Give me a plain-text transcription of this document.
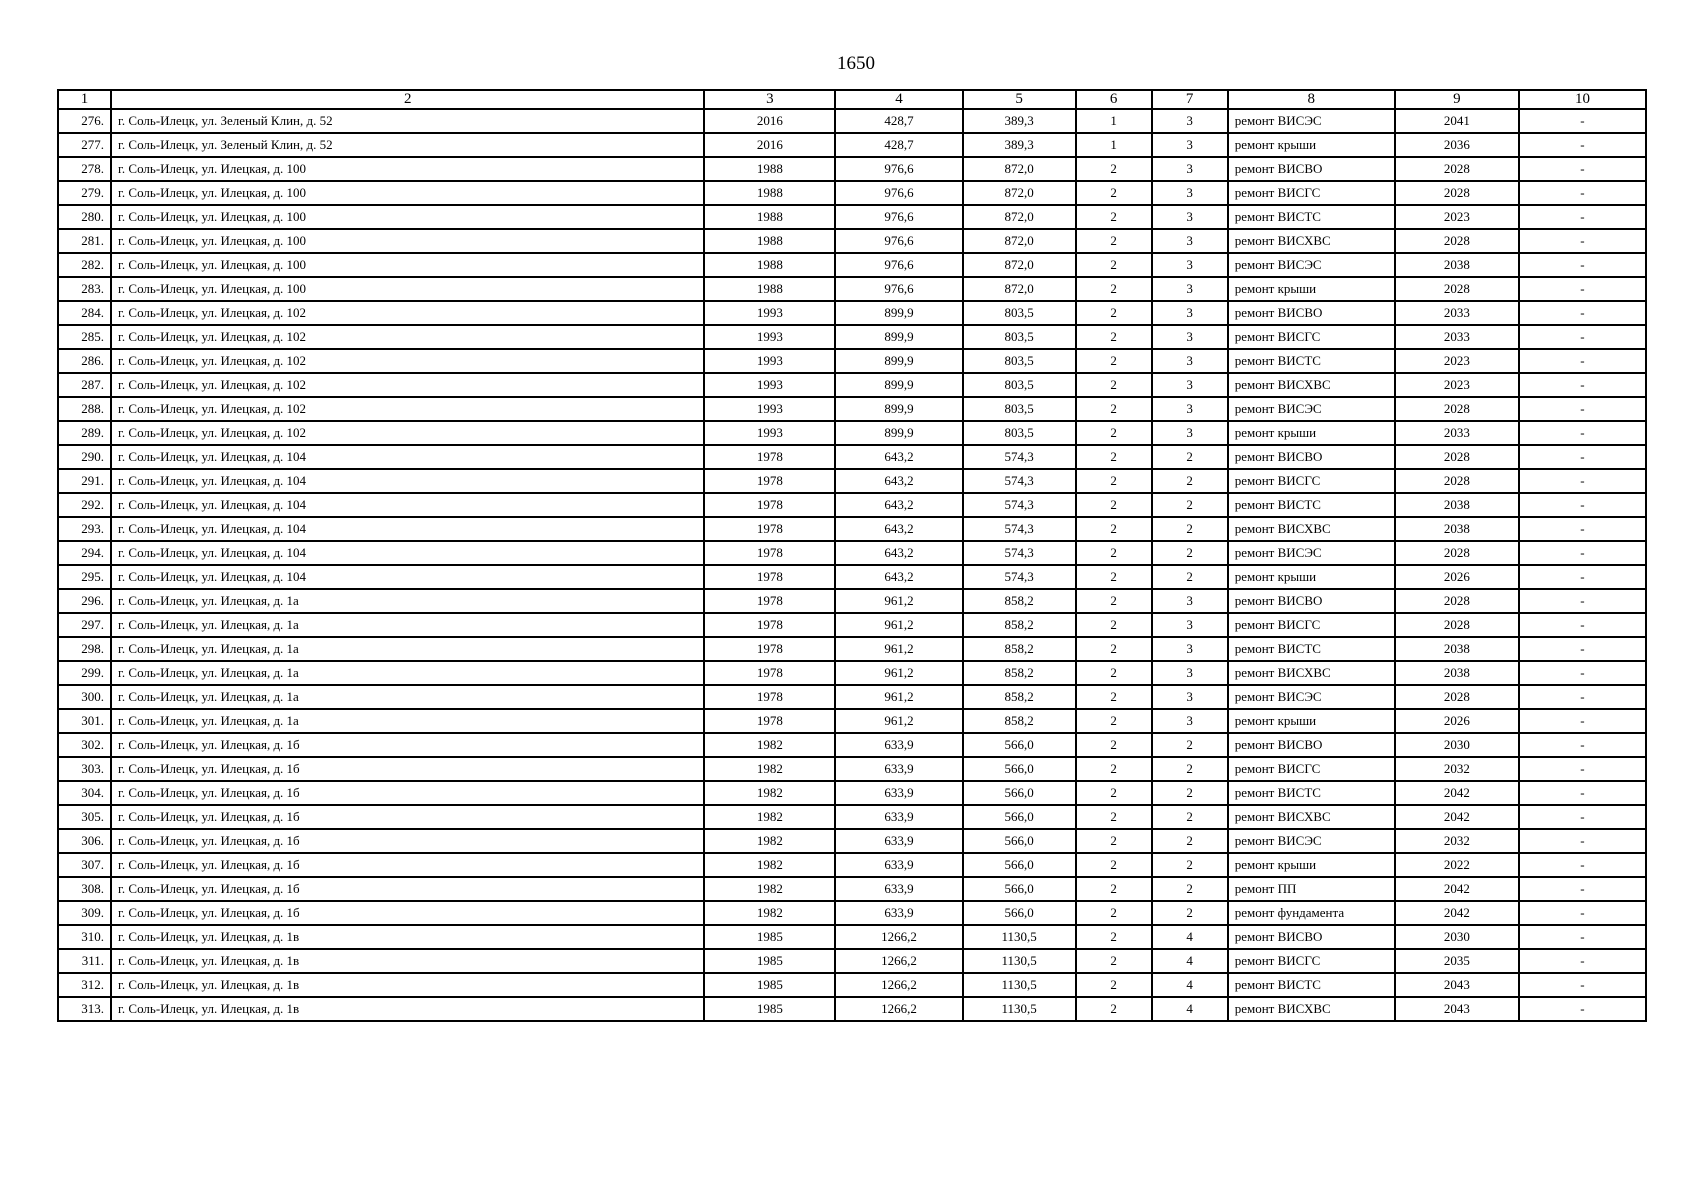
1650
1	2	3	4	5	6	7	8	9	10
276.	г. Соль-Илецк, ул. Зеленый Клин, д. 52	2016	428,7	389,3	1	3	ремонт ВИСЭС	2041	-
277.	г. Соль-Илецк, ул. Зеленый Клин, д. 52	2016	428,7	389,3	1	3	ремонт крыши	2036	-
278.	г. Соль-Илецк, ул. Илецкая, д. 100	1988	976,6	872,0	2	3	ремонт ВИСВО	2028	-
279.	г. Соль-Илецк, ул. Илецкая, д. 100	1988	976,6	872,0	2	3	ремонт ВИСГС	2028	-
280.	г. Соль-Илецк, ул. Илецкая, д. 100	1988	976,6	872,0	2	3	ремонт ВИСТС	2023	-
281.	г. Соль-Илецк, ул. Илецкая, д. 100	1988	976,6	872,0	2	3	ремонт ВИСХВС	2028	-
282.	г. Соль-Илецк, ул. Илецкая, д. 100	1988	976,6	872,0	2	3	ремонт ВИСЭС	2038	-
283.	г. Соль-Илецк, ул. Илецкая, д. 100	1988	976,6	872,0	2	3	ремонт крыши	2028	-
284.	г. Соль-Илецк, ул. Илецкая, д. 102	1993	899,9	803,5	2	3	ремонт ВИСВО	2033	-
285.	г. Соль-Илецк, ул. Илецкая, д. 102	1993	899,9	803,5	2	3	ремонт ВИСГС	2033	-
286.	г. Соль-Илецк, ул. Илецкая, д. 102	1993	899,9	803,5	2	3	ремонт ВИСТС	2023	-
287.	г. Соль-Илецк, ул. Илецкая, д. 102	1993	899,9	803,5	2	3	ремонт ВИСХВС	2023	-
288.	г. Соль-Илецк, ул. Илецкая, д. 102	1993	899,9	803,5	2	3	ремонт ВИСЭС	2028	-
289.	г. Соль-Илецк, ул. Илецкая, д. 102	1993	899,9	803,5	2	3	ремонт крыши	2033	-
290.	г. Соль-Илецк, ул. Илецкая, д. 104	1978	643,2	574,3	2	2	ремонт ВИСВО	2028	-
291.	г. Соль-Илецк, ул. Илецкая, д. 104	1978	643,2	574,3	2	2	ремонт ВИСГС	2028	-
292.	г. Соль-Илецк, ул. Илецкая, д. 104	1978	643,2	574,3	2	2	ремонт ВИСТС	2038	-
293.	г. Соль-Илецк, ул. Илецкая, д. 104	1978	643,2	574,3	2	2	ремонт ВИСХВС	2038	-
294.	г. Соль-Илецк, ул. Илецкая, д. 104	1978	643,2	574,3	2	2	ремонт ВИСЭС	2028	-
295.	г. Соль-Илецк, ул. Илецкая, д. 104	1978	643,2	574,3	2	2	ремонт крыши	2026	-
296.	г. Соль-Илецк, ул. Илецкая, д. 1а	1978	961,2	858,2	2	3	ремонт ВИСВО	2028	-
297.	г. Соль-Илецк, ул. Илецкая, д. 1а	1978	961,2	858,2	2	3	ремонт ВИСГС	2028	-
298.	г. Соль-Илецк, ул. Илецкая, д. 1а	1978	961,2	858,2	2	3	ремонт ВИСТС	2038	-
299.	г. Соль-Илецк, ул. Илецкая, д. 1а	1978	961,2	858,2	2	3	ремонт ВИСХВС	2038	-
300.	г. Соль-Илецк, ул. Илецкая, д. 1а	1978	961,2	858,2	2	3	ремонт ВИСЭС	2028	-
301.	г. Соль-Илецк, ул. Илецкая, д. 1а	1978	961,2	858,2	2	3	ремонт крыши	2026	-
302.	г. Соль-Илецк, ул. Илецкая, д. 1б	1982	633,9	566,0	2	2	ремонт ВИСВО	2030	-
303.	г. Соль-Илецк, ул. Илецкая, д. 1б	1982	633,9	566,0	2	2	ремонт ВИСГС	2032	-
304.	г. Соль-Илецк, ул. Илецкая, д. 1б	1982	633,9	566,0	2	2	ремонт ВИСТС	2042	-
305.	г. Соль-Илецк, ул. Илецкая, д. 1б	1982	633,9	566,0	2	2	ремонт ВИСХВС	2042	-
306.	г. Соль-Илецк, ул. Илецкая, д. 1б	1982	633,9	566,0	2	2	ремонт ВИСЭС	2032	-
307.	г. Соль-Илецк, ул. Илецкая, д. 1б	1982	633,9	566,0	2	2	ремонт крыши	2022	-
308.	г. Соль-Илецк, ул. Илецкая, д. 1б	1982	633,9	566,0	2	2	ремонт ПП	2042	-
309.	г. Соль-Илецк, ул. Илецкая, д. 1б	1982	633,9	566,0	2	2	ремонт фундамента	2042	-
310.	г. Соль-Илецк, ул. Илецкая, д. 1в	1985	1266,2	1130,5	2	4	ремонт ВИСВО	2030	-
311.	г. Соль-Илецк, ул. Илецкая, д. 1в	1985	1266,2	1130,5	2	4	ремонт ВИСГС	2035	-
312.	г. Соль-Илецк, ул. Илецкая, д. 1в	1985	1266,2	1130,5	2	4	ремонт ВИСТС	2043	-
313.	г. Соль-Илецк, ул. Илецкая, д. 1в	1985	1266,2	1130,5	2	4	ремонт ВИСХВС	2043	-
